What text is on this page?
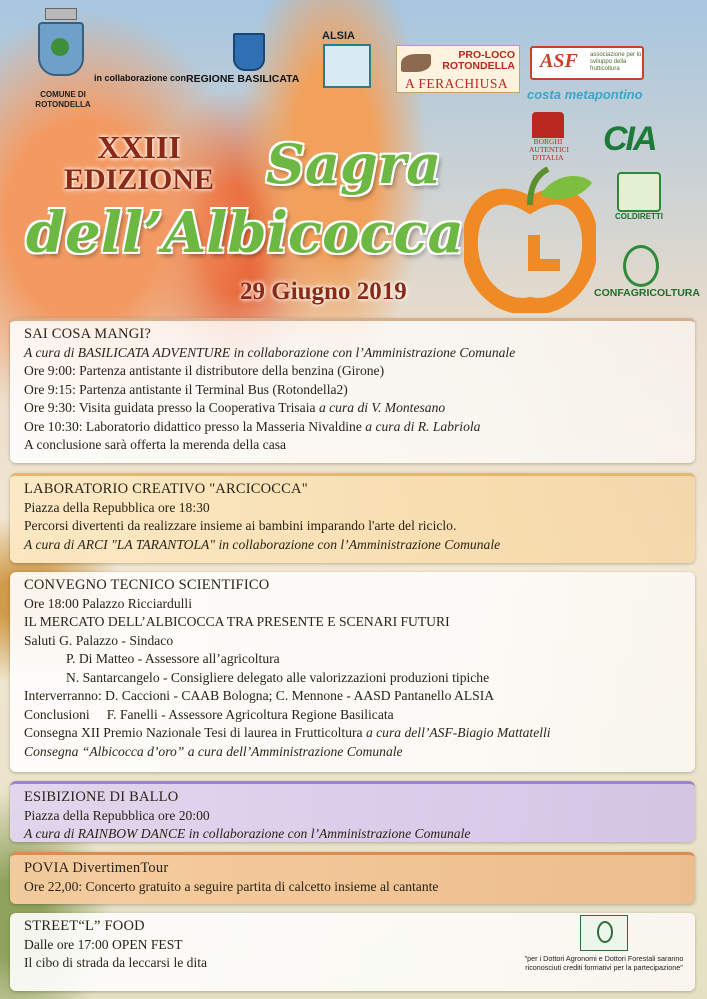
COMUNE DI ROTONDELLA
in collaborazione con REGIONE BASILICATA
ALSIA
PRO-LOCO
ROTONDELLA
A FERACHIUSA
ASF associazione per lo sviluppo della frutticoltura
costa metapontino
BORGHI AUTENTICI D'ITALIA CIA
COLDIRETTI
CONFAGRICOLTURA
XXIII
EDIZIONE Sagra
dell’Albicocca
29 Giugno 2019
SAI COSA MANGI?
A cura di BASILICATA ADVENTURE in collaborazione con l’Amministrazione Comunale
Ore 9:00: Partenza antistante il distributore della benzina (Girone)
Ore 9:15: Partenza antistante il Terminal Bus (Rotondella2)
Ore 9:30: Visita guidata presso la Cooperativa Trisaia a cura di V. Montesano
Ore 10:30: Laboratorio didattico presso la Masseria Nivaldine a cura di R. Labriola
A conclusione sarà offerta la merenda della casa
LABORATORIO CREATIVO "ARCICOCCA"
Piazza della Repubblica ore 18:30
Percorsi divertenti da realizzare insieme ai bambini imparando l'arte del riciclo.
A cura di ARCI "LA TARANTOLA" in collaborazione con l’Amministrazione Comunale
CONVEGNO TECNICO SCIENTIFICO
Ore 18:00 Palazzo Ricciardulli
IL MERCATO DELL’ALBICOCCA TRA PRESENTE E SCENARI FUTURI
Saluti G. Palazzo - Sindaco
P. Di Matteo - Assessore all’agricoltura
N. Santarcangelo - Consigliere delegato alle valorizzazioni produzioni tipiche
Interverranno: D. Caccioni - CAAB Bologna; C. Mennone - AASD Pantanello ALSIA
Conclusioni     F. Fanelli - Assessore Agricoltura Regione Basilicata
Consegna XII Premio Nazionale Tesi di laurea in Frutticoltura a cura dell’ASF-Biagio Mattatelli
Consegna “Albicocca d’oro” a cura dell’Amministrazione Comunale
ESIBIZIONE DI BALLO
Piazza della Repubblica ore 20:00
A cura di RAINBOW DANCE in collaborazione con l’Amministrazione Comunale
POVIA DivertimenTour
Ore 22,00: Concerto gratuito a seguire partita di calcetto insieme al cantante
STREET“L” FOOD
Dalle ore 17:00 OPEN FEST
Il cibo di strada da leccarsi le dita	"per i Dottori Agronomi e Dottori Forestali saranno riconosciuti crediti formativi per la partecipazione"
